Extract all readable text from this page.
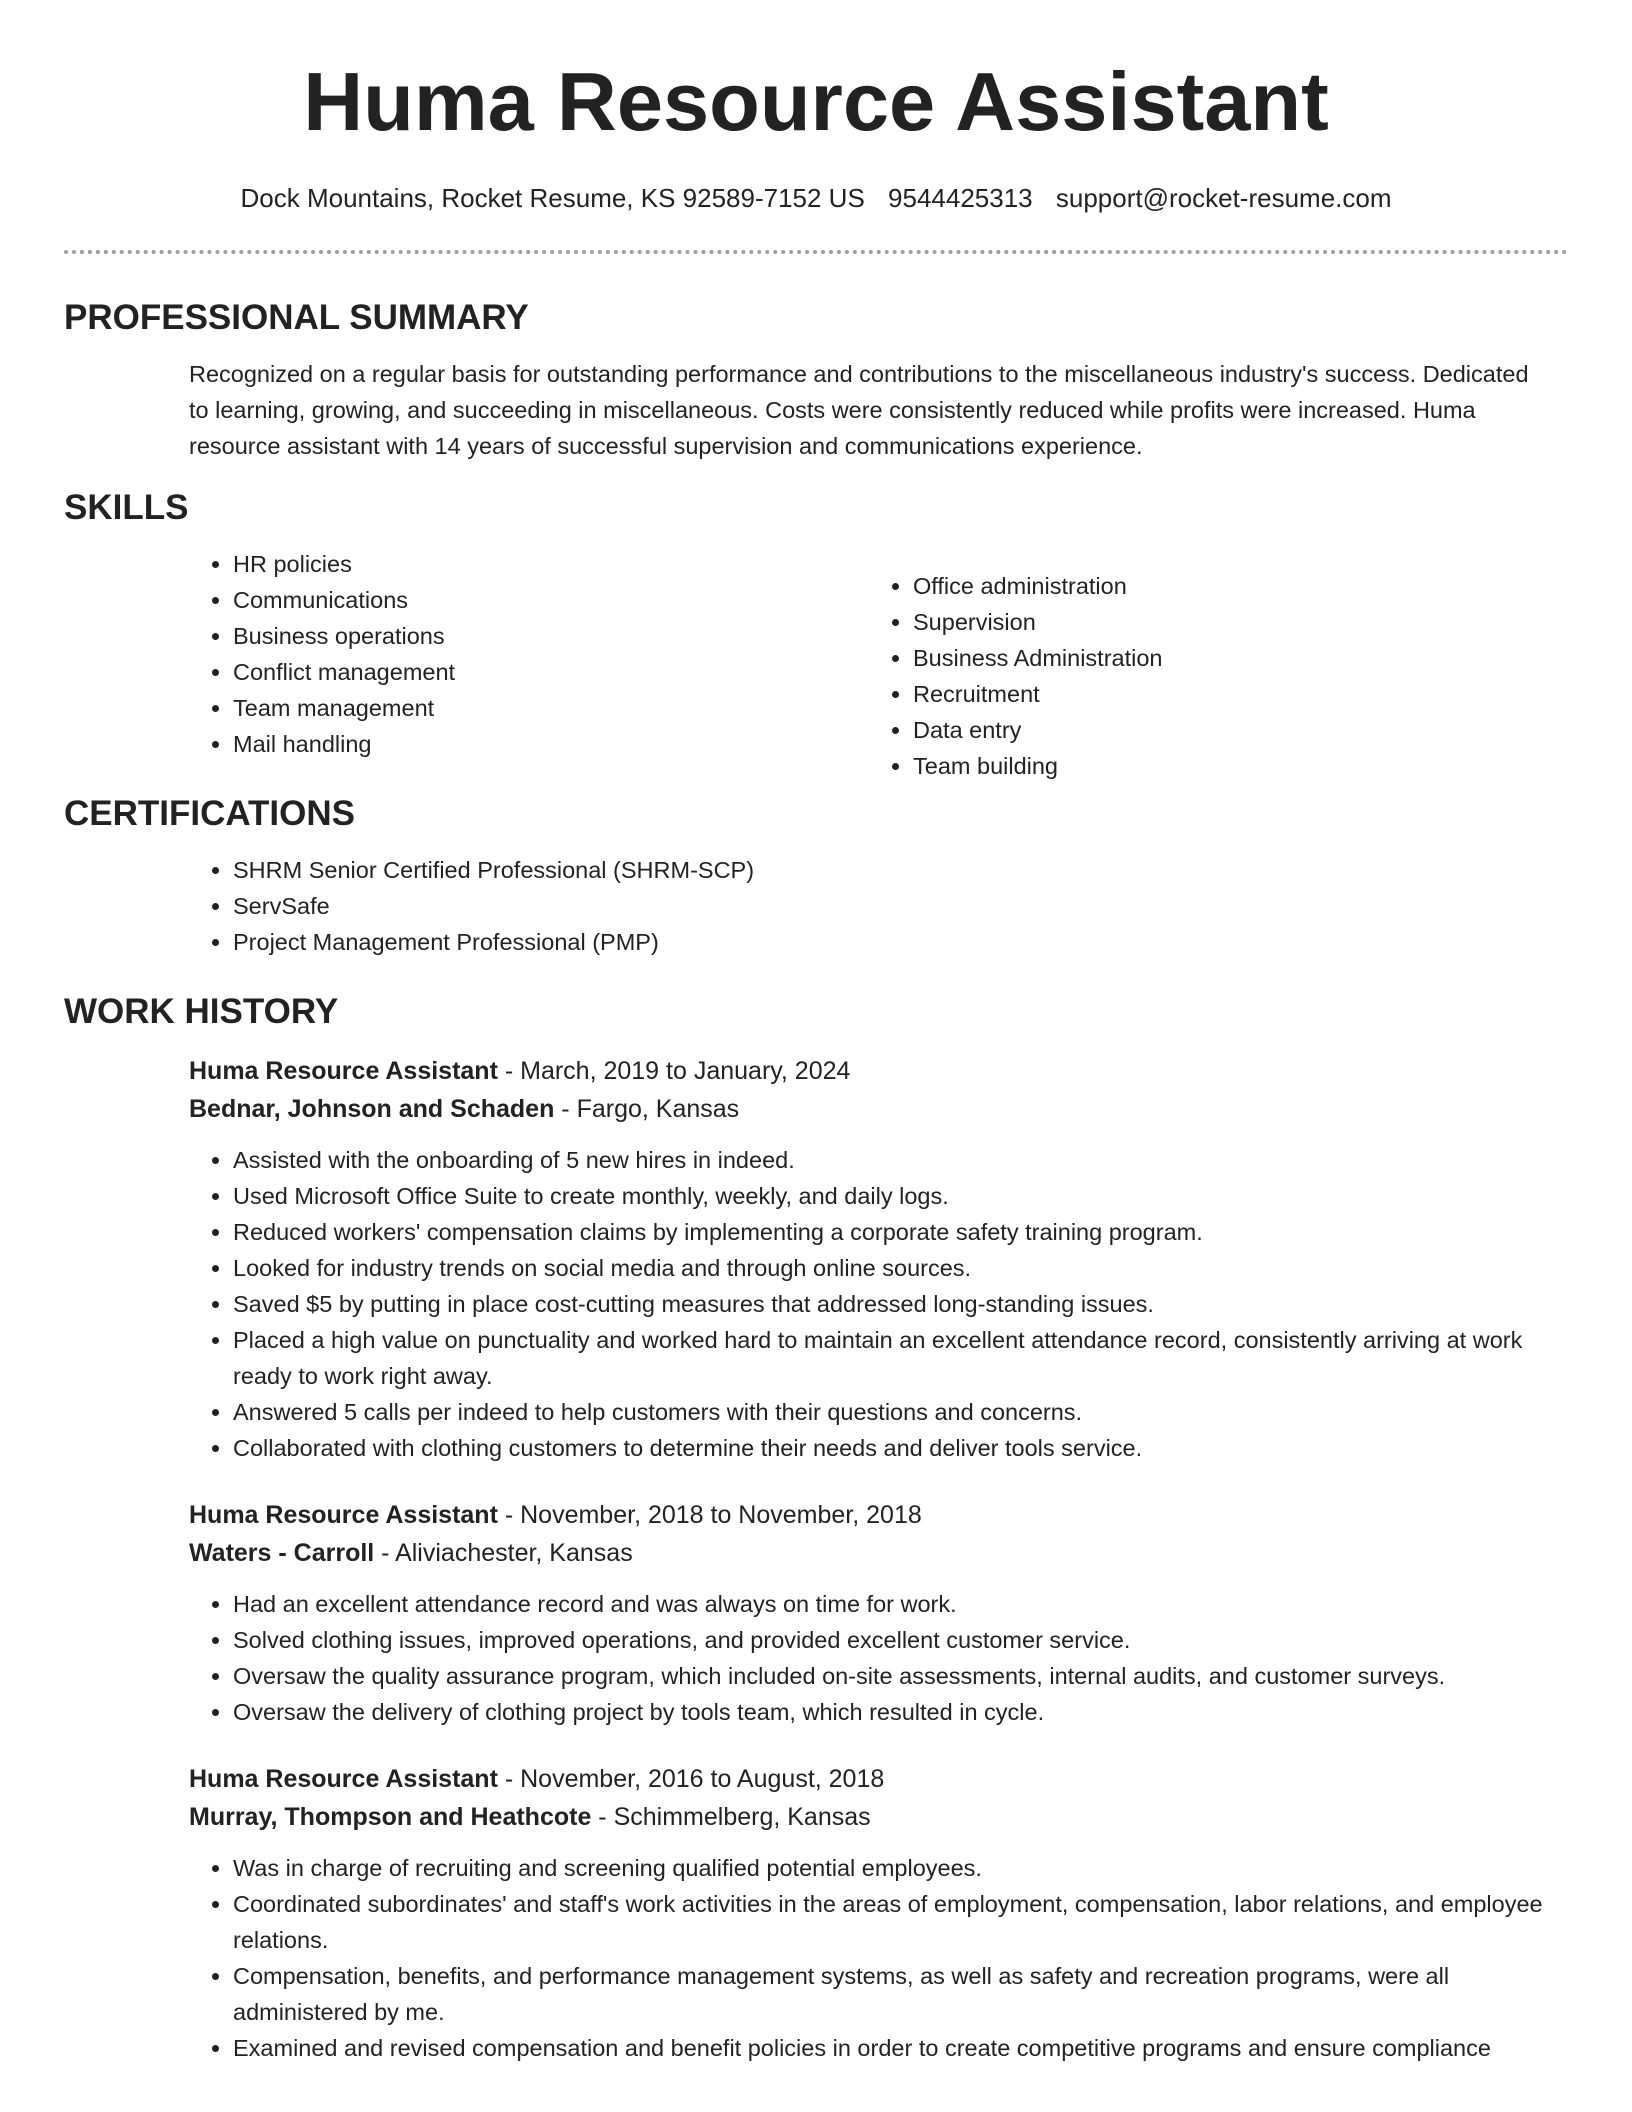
Huma Resource Assistant
Dock Mountains, Rocket Resume, KS 92589-7152 US 9544425313 support@rocket-resume.com
PROFESSIONAL SUMMARY

Recognized on a regular basis for outstanding performance and contributions to the miscellaneous industry's success. Dedicated to learning, growing, and succeeding in miscellaneous. Costs were consistently reduced while profits were increased. Huma resource assistant with 14 years of successful supervision and communications experience.

SKILLS
• HR policies
• Communications
• Business operations
• Conflict management
• Team management
• Mail handling
• Office administration
• Supervision
• Business Administration
• Recruitment
• Data entry
• Team building
CERTIFICATIONS
• SHRM Senior Certified Professional (SHRM-SCP)
• ServSafe
• Project Management Professional (PMP)
WORK HISTORY
Huma Resource Assistant - March, 2019 to January, 2024
Bednar, Johnson and Schaden - Fargo, Kansas
• Assisted with the onboarding of 5 new hires in indeed.
• Used Microsoft Office Suite to create monthly, weekly, and daily logs.
• Reduced workers' compensation claims by implementing a corporate safety training program.
• Looked for industry trends on social media and through online sources.
• Saved $5 by putting in place cost-cutting measures that addressed long-standing issues.
• Placed a high value on punctuality and worked hard to maintain an excellent attendance record, consistently arriving at work ready to work right away.
• Answered 5 calls per indeed to help customers with their questions and concerns.
• Collaborated with clothing customers to determine their needs and deliver tools service.
Huma Resource Assistant - November, 2018 to November, 2018
Waters - Carroll - Aliviachester, Kansas
• Had an excellent attendance record and was always on time for work.
• Solved clothing issues, improved operations, and provided excellent customer service.
• Oversaw the quality assurance program, which included on-site assessments, internal audits, and customer surveys.
• Oversaw the delivery of clothing project by tools team, which resulted in cycle.
Huma Resource Assistant - November, 2016 to August, 2018
Murray, Thompson and Heathcote - Schimmelberg, Kansas
• Was in charge of recruiting and screening qualified potential employees.
• Coordinated subordinates' and staff's work activities in the areas of employment, compensation, labor relations, and employee relations.
• Compensation, benefits, and performance management systems, as well as safety and recreation programs, were all administered by me.
• Examined and revised compensation and benefit policies in order to create competitive programs and ensure compliance
